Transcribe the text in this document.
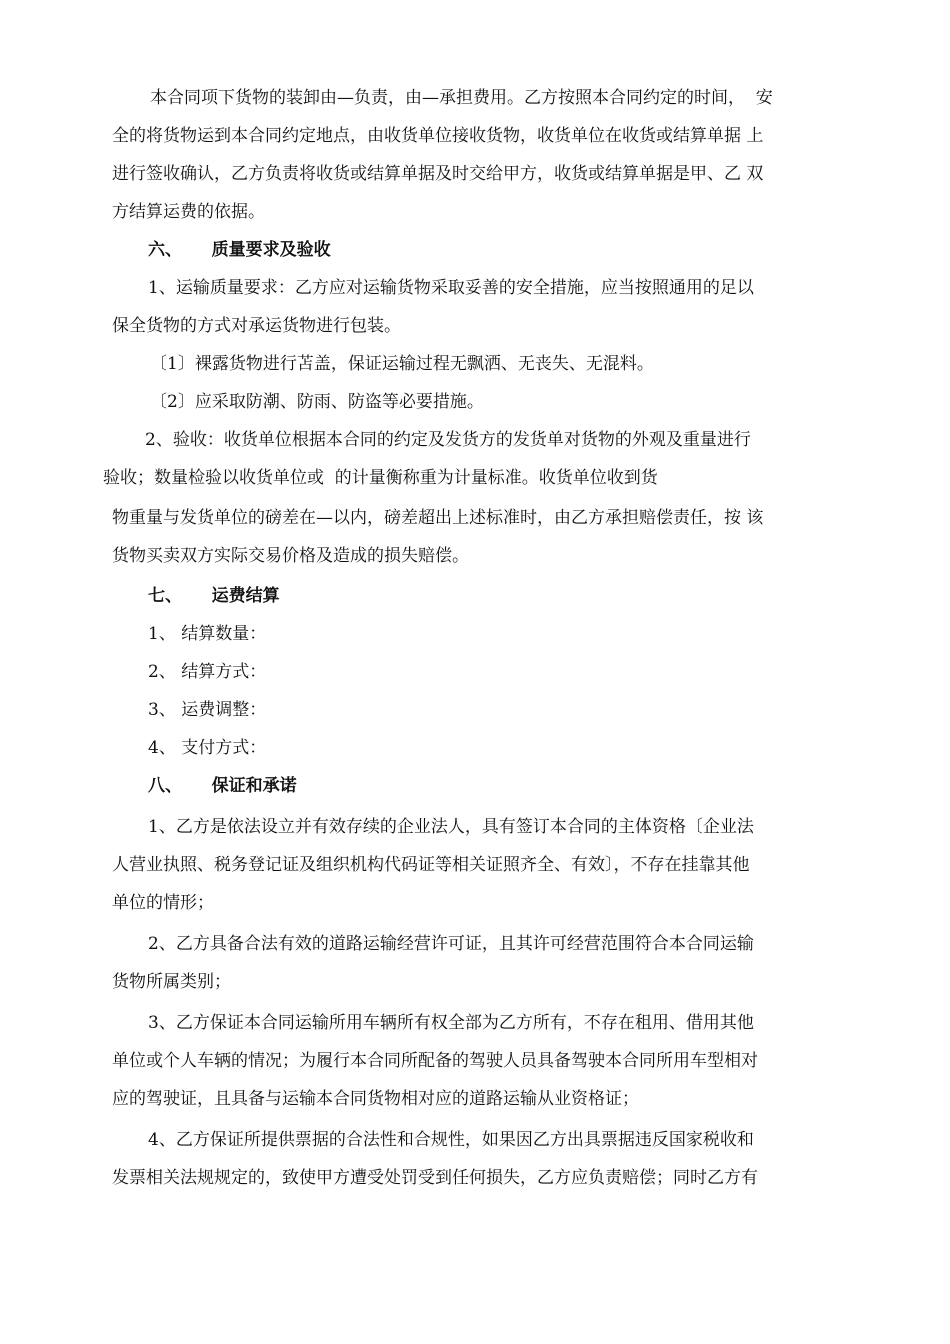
本合同项下货物的装卸由—负责，由—承担费用。乙方按照本合同约定的时间，  安
全的将货物运到本合同约定地点，由收货单位接收货物，收货单位在收货或结算单据 上
进行签收确认，乙方负责将收货或结算单据及时交给甲方，收货或结算单据是甲、乙 双
方结算运费的依据。
六、     质量要求及验收
1、运输质量要求：乙方应对运输货物采取妥善的安全措施，应当按照通用的足以
保全货物的方式对承运货物进行包装。
〔1〕裸露货物进行苫盖，保证运输过程无飘洒、无丧失、无混料。
〔2〕应采取防潮、防雨、防盗等必要措施。
2、验收：收货单位根据本合同的约定及发货方的发货单对货物的外观及重量进行
验收；数量检验以收货单位或  的计量衡称重为计量标准。收货单位收到货
物重量与发货单位的磅差在—以内，磅差超出上述标准时，由乙方承担赔偿责任，按 该
货物买卖双方实际交易价格及造成的损失赔偿。
七、     运费结算
1、 结算数量：
2、 结算方式：
3、 运费调整：
4、 支付方式：
八、     保证和承诺
1、乙方是依法设立并有效存续的企业法人，具有签订本合同的主体资格〔企业法
人营业执照、税务登记证及组织机构代码证等相关证照齐全、有效〕，不存在挂靠其他
单位的情形；
2、乙方具备合法有效的道路运输经营许可证，且其许可经营范围符合本合同运输
货物所属类别；
3、乙方保证本合同运输所用车辆所有权全部为乙方所有，不存在租用、借用其他
单位或个人车辆的情况；为履行本合同所配备的驾驶人员具备驾驶本合同所用车型相对
应的驾驶证，且具备与运输本合同货物相对应的道路运输从业资格证；
4、乙方保证所提供票据的合法性和合规性，如果因乙方出具票据违反国家税收和
发票相关法规规定的，致使甲方遭受处罚受到任何损失，乙方应负责赔偿；同时乙方有
